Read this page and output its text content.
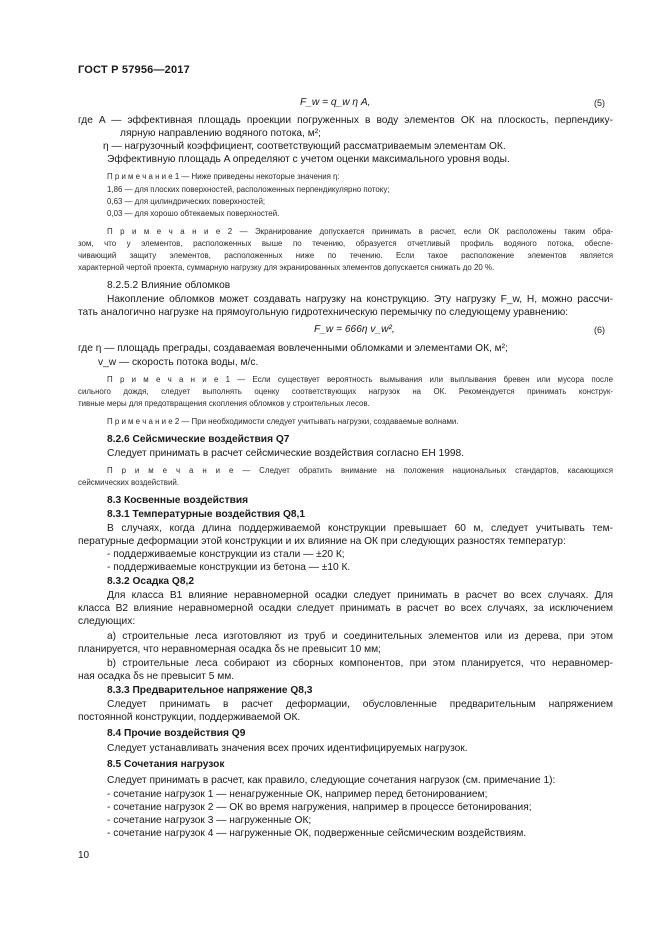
ГОСТ Р 57956—2017
F_w = q_w η A,	(5)
где A — эффективная площадь проекции погруженных в воду элементов ОК на плоскость, перпендику-
лярную направлению водяного потока, м²;
η — нагрузочный коэффициент, соответствующий рассматриваемым элементам ОК.
Эффективную площадь A определяют с учетом оценки максимального уровня воды.
П р и м е ч а н и е 1 — Ниже приведены некоторые значения η:
1,86 — для плоских поверхностей, расположенных перпендикулярно потоку;
0,63 — для цилиндрических поверхностей;
0,03 — для хорошо обтекаемых поверхностей.
П р и м е ч а н и е 2 — Экранирование допускается принимать в расчет, если ОК расположены таким обра-
зом, что у элементов, расположенных выше по течению, образуется отчетливый профиль водяного потока, обеспе-
чивающий защиту элементов, расположенных ниже по течению. Если такое расположение элементов является
характерной чертой проекта, суммарную нагрузку для экранированных элементов допускается снижать до 20 %.
8.2.5.2 Влияние обломков
Накопление обломков может создавать нагрузку на конструкцию. Эту нагрузку F_w, Н, можно рассчи-
тать аналогично нагрузке на прямоугольную гидротехническую перемычку по следующему уравнению:
F_w = 666η v_w²,	(6)
где η — площадь преграды, создаваемая вовлеченными обломками и элементами ОК, м²;
v_w — скорость потока воды, м/с.
П р и м е ч а н и е 1 — Если существует вероятность вымывания или выплывания бревен или мусора после
сильного дождя, следует выполнять оценку соответствующих нагрузок на ОК. Рекомендуется принимать конструк-
тивные меры для предотвращения скопления обломков у строительных лесов.
П р и м е ч а н и е 2 — При необходимости следует учитывать нагрузки, создаваемые волнами.
8.2.6 Сейсмические воздействия Q7
Следует принимать в расчет сейсмические воздействия согласно ЕН 1998.
П р и м е ч а н и е — Следует обратить внимание на положения национальных стандартов, касающихся
сейсмических воздействий.
8.3 Косвенные воздействия
8.3.1 Температурные воздействия Q8,1
В случаях, когда длина поддерживаемой конструкции превышает 60 м, следует учитывать тем-
пературные деформации этой конструкции и их влияние на ОК при следующих разностях температур:
- поддерживаемые конструкции из стали — ±20 К;
- поддерживаемые конструкции из бетона — ±10 К.
8.3.2 Осадка Q8,2
Для класса В1 влияние неравномерной осадки следует принимать в расчет во всех случаях. Для
класса В2 влияние неравномерной осадки следует принимать в расчет во всех случаях, за исключением
следующих:
a) строительные леса изготовляют из труб и соединительных элементов или из дерева, при этом
планируется, что неравномерная осадка δs не превысит 10 мм;
b) строительные леса собирают из сборных компонентов, при этом планируется, что неравномер-
ная осадка δs не превысит 5 мм.
8.3.3 Предварительное напряжение Q8,3
Следует принимать в расчет деформации, обусловленные предварительным напряжением
постоянной конструкции, поддерживаемой ОК.
8.4 Прочие воздействия Q9
Следует устанавливать значения всех прочих идентифицируемых нагрузок.
8.5 Сочетания нагрузок
Следует принимать в расчет, как правило, следующие сочетания нагрузок (см. примечание 1):
- сочетание нагрузок 1 — ненагруженные ОК, например перед бетонированием;
- сочетание нагрузок 2 — ОК во время нагружения, например в процессе бетонирования;
- сочетание нагрузок 3 — нагруженные ОК;
- сочетание нагрузок 4 — нагруженные ОК, подверженные сейсмическим воздействиям.
10
